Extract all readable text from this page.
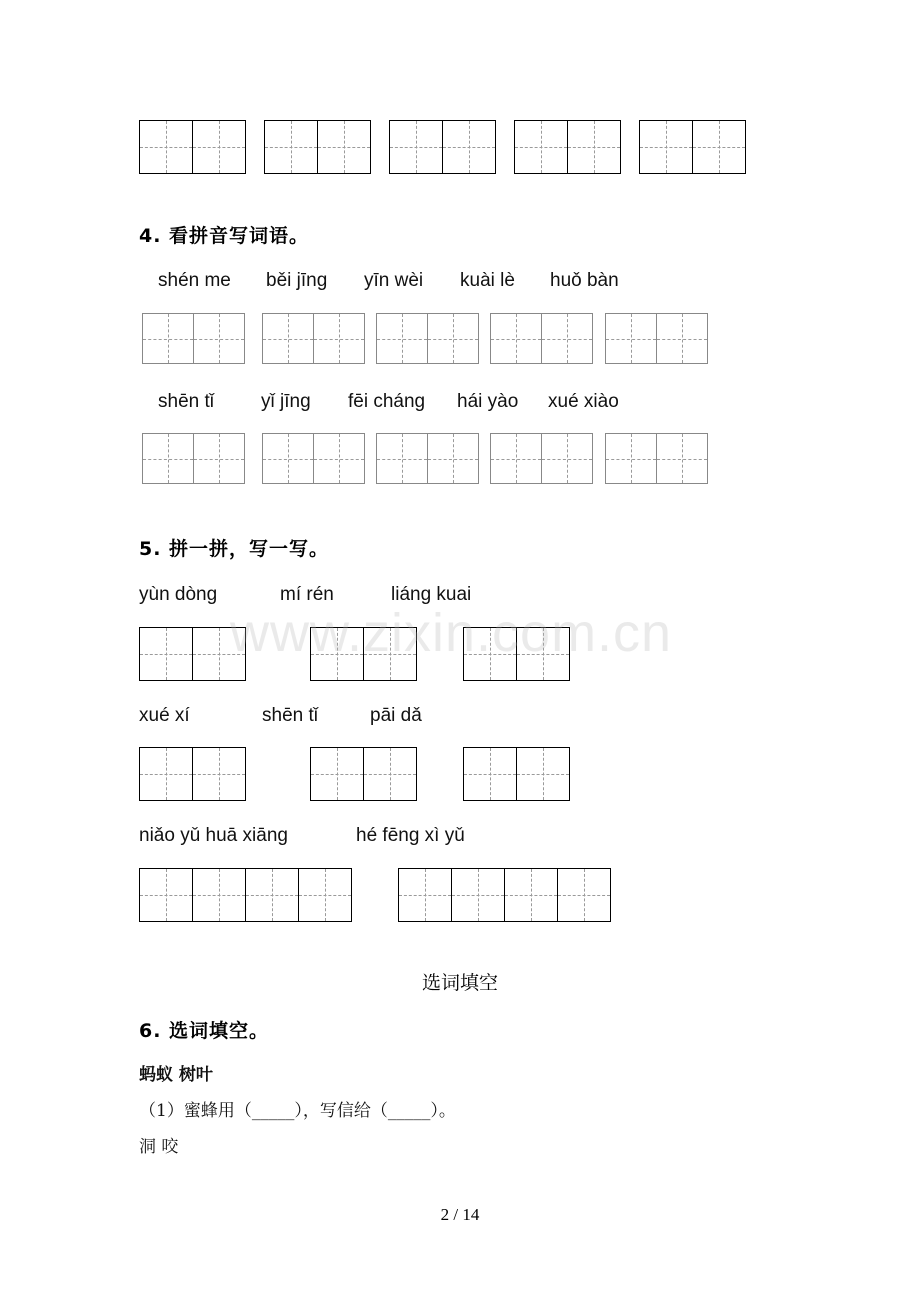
4. 看拼音写词语。
shén me běi jīng yīn wèi kuài lè huǒ bàn
shēn tǐ yǐ jīng fēi cháng hái yào xué xiào
5. 拼一拼，写一写。
yùn dòng	mí rén	liáng kuai
xué xí	shēn tǐ	pāi dǎ
niǎo yǔ huā xiāng	hé fēng xì yǔ
www.zixin.com.cn
选词填空
6. 选词填空。
蚂蚁 树叶
（1）蜜蜂用（_____），写信给（_____）。
洞 咬
2 / 14
